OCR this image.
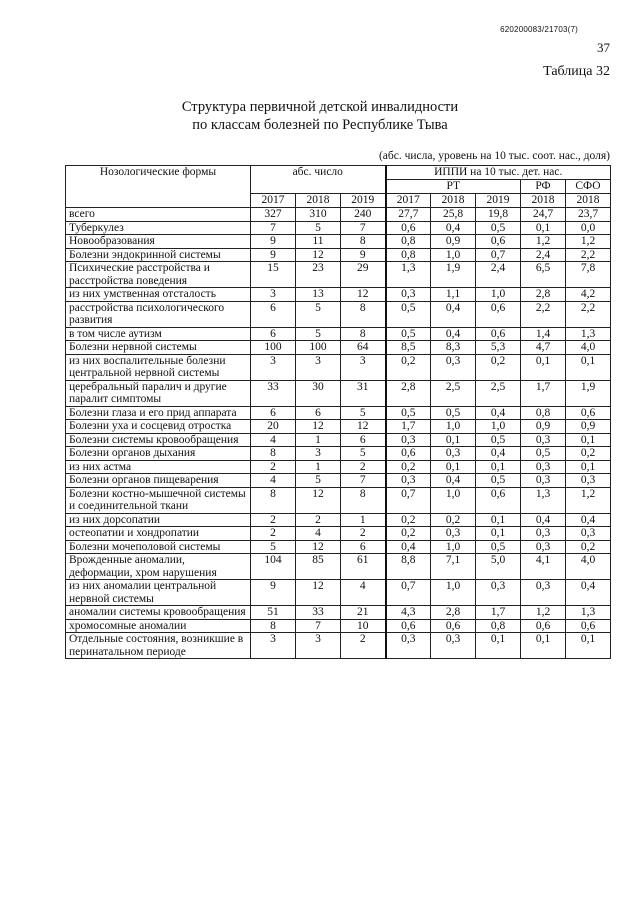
620200083/21703(7)
37
Таблица 32
Структура первичной детской инвалидности
по классам болезней по Республике Тыва
(абс. числа, уровень на 10 тыс. соот. нас., доля)
Нозологические формы	абс. число			ИППИ на 10 тыс. дет. нас.				
				РТ			РФ	СФО
	2017	2018	2019	2017	2018	2019	2018	2018
всего	327	310	240	27,7	25,8	19,8	24,7	23,7
Туберкулез	7	5	7	0,6	0,4	0,5	0,1	0,0
Новообразования	9	11	8	0,8	0,9	0,6	1,2	1,2
Болезни эндокринной системы	9	12	9	0,8	1,0	0,7	2,4	2,2
Психические расстройства и расстройства поведения	15	23	29	1,3	1,9	2,4	6,5	7,8
из них умственная отсталость	3	13	12	0,3	1,1	1,0	2,8	4,2
расстройства психологического развития	6	5	8	0,5	0,4	0,6	2,2	2,2
в том числе аутизм	6	5	8	0,5	0,4	0,6	1,4	1,3
Болезни нервной системы	100	100	64	8,5	8,3	5,3	4,7	4,0
из них воспалительные болезни центральной нервной системы	3	3	3	0,2	0,3	0,2	0,1	0,1
церебральный паралич и другие паралит симптомы	33	30	31	2,8	2,5	2,5	1,7	1,9
Болезни глаза и его прид аппарата	6	6	5	0,5	0,5	0,4	0,8	0,6
Болезни уха и сосцевид отростка	20	12	12	1,7	1,0	1,0	0,9	0,9
Болезни системы кровообращения	4	1	6	0,3	0,1	0,5	0,3	0,1
Болезни органов дыхания	8	3	5	0,6	0,3	0,4	0,5	0,2
из них астма	2	1	2	0,2	0,1	0,1	0,3	0,1
Болезни органов пищеварения	4	5	7	0,3	0,4	0,5	0,3	0,3
Болезни костно-мышечной системы и соединительной ткани	8	12	8	0,7	1,0	0,6	1,3	1,2
из них дорсопатии	2	2	1	0,2	0,2	0,1	0,4	0,4
остеопатии и хондропатии	2	4	2	0,2	0,3	0,1	0,3	0,3
Болезни мочеполовой системы	5	12	6	0,4	1,0	0,5	0,3	0,2
Врожденные аномалии, деформации, хром нарушения	104	85	61	8,8	7,1	5,0	4,1	4,0
из них аномалии центральной нервной системы	9	12	4	0,7	1,0	0,3	0,3	0,4
аномалии системы кровообращения	51	33	21	4,3	2,8	1,7	1,2	1,3
хромосомные аномалии	8	7	10	0,6	0,6	0,8	0,6	0,6
Отдельные состояния, возникшие в перинатальном периоде	3	3	2	0,3	0,3	0,1	0,1	0,1
